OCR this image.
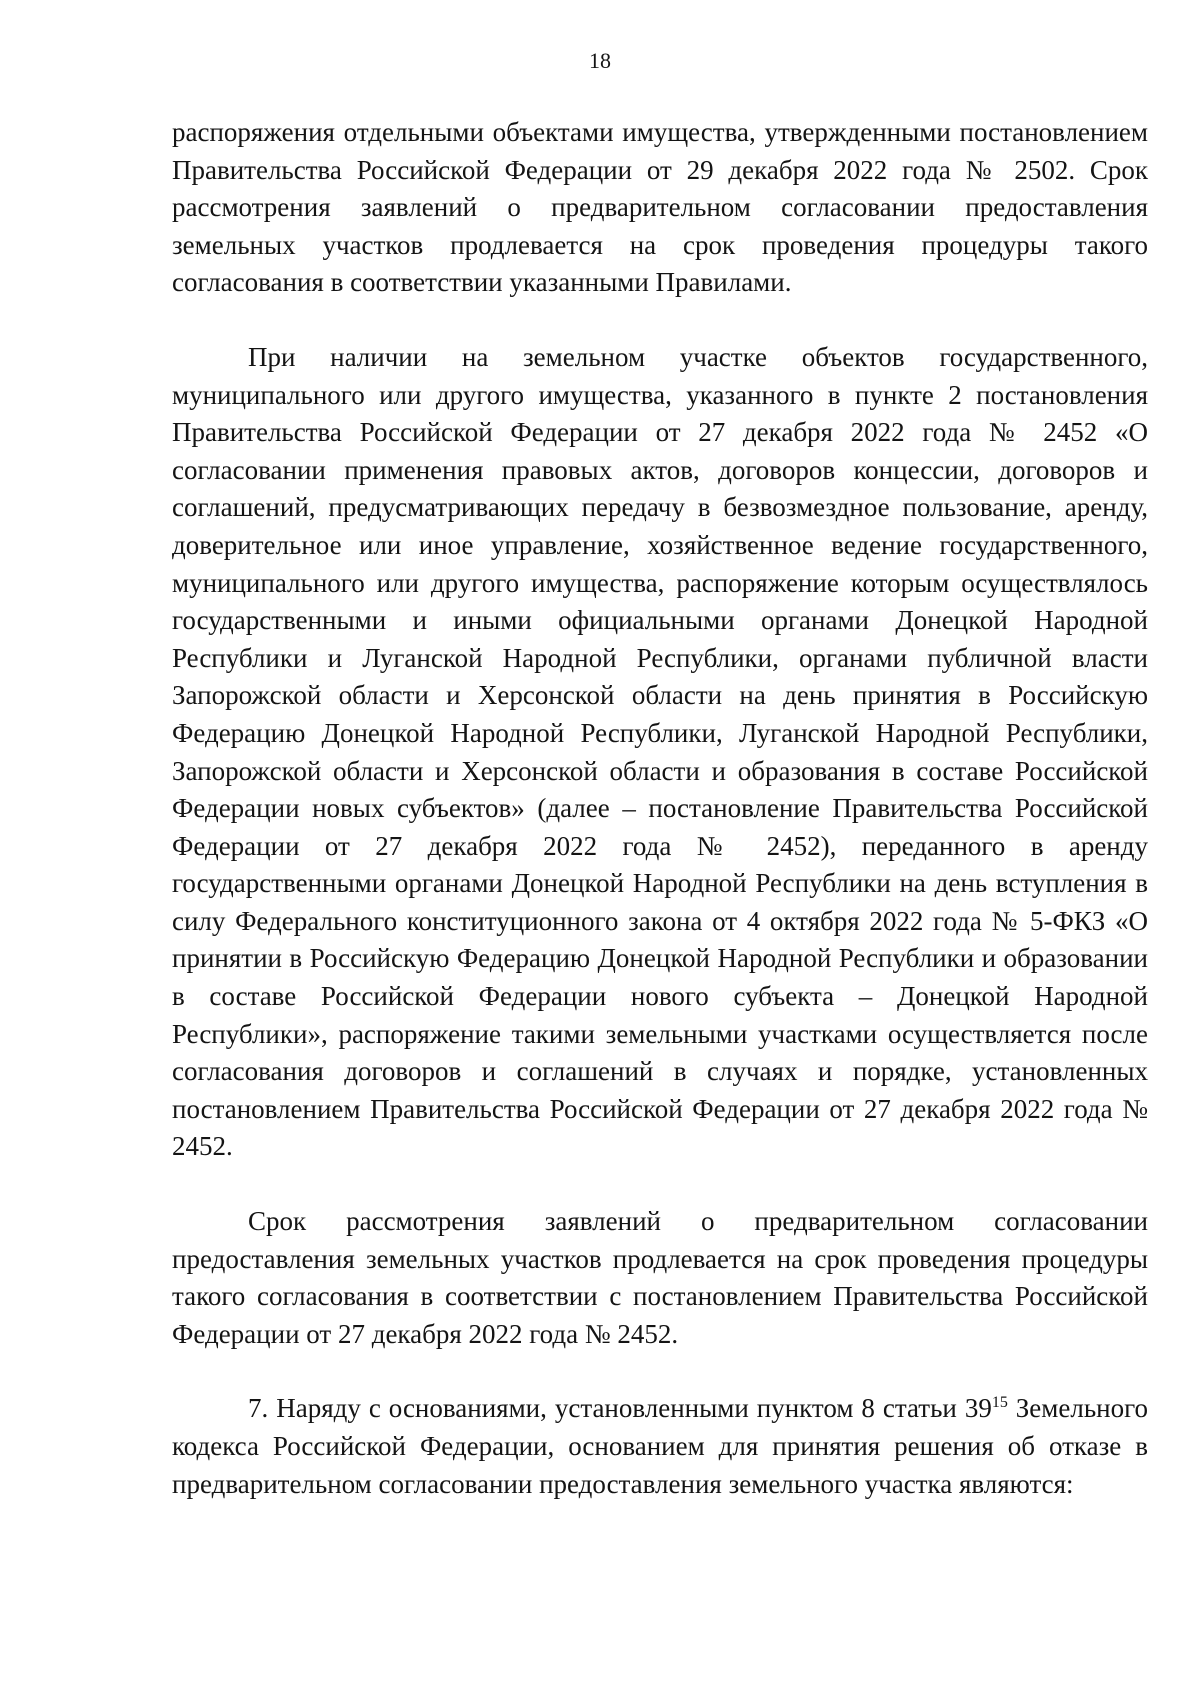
18

распоряжения отдельными объектами имущества, утвержденными постановлением Правительства Российской Федерации от 29 декабря 2022 года № 2502. Срок рассмотрения заявлений о предварительном согласовании предоставления земельных участков продлевается на срок проведения процедуры такого согласования в соответствии указанными Правилами.

При наличии на земельном участке объектов государственного, муниципального или другого имущества, указанного в пункте 2 постановления Правительства Российской Федерации от 27 декабря 2022 года № 2452 «О согласовании применения правовых актов, договоров концессии, договоров и соглашений, предусматривающих передачу в безвозмездное пользование, аренду, доверительное или иное управление, хозяйственное ведение государственного, муниципального или другого имущества, распоряжение которым осуществлялось государственными и иными официальными органами Донецкой Народной Республики и Луганской Народной Республики, органами публичной власти Запорожской области и Херсонской области на день принятия в Российскую Федерацию Донецкой Народной Республики, Луганской Народной Республики, Запорожской области и Херсонской области и образования в составе Российской Федерации новых субъектов» (далее – постановление Правительства Российской Федерации от 27 декабря 2022 года № 2452), переданного в аренду государственными органами Донецкой Народной Республики на день вступления в силу Федерального конституционного закона от 4 октября 2022 года № 5-ФКЗ «О принятии в Российскую Федерацию Донецкой Народной Республики и образовании в составе Российской Федерации нового субъекта – Донецкой Народной Республики», распоряжение такими земельными участками осуществляется после согласования договоров и соглашений в случаях и порядке, установленных постановлением Правительства Российской Федерации от 27 декабря 2022 года № 2452.

Срок рассмотрения заявлений о предварительном согласовании предоставления земельных участков продлевается на срок проведения процедуры такого согласования в соответствии с постановлением Правительства Российской Федерации от 27 декабря 2022 года № 2452.

7. Наряду с основаниями, установленными пунктом 8 статьи $39^{15}$ Земельного кодекса Российской Федерации, основанием для принятия решения об отказе в предварительном согласовании предоставления земельного участка являются:
